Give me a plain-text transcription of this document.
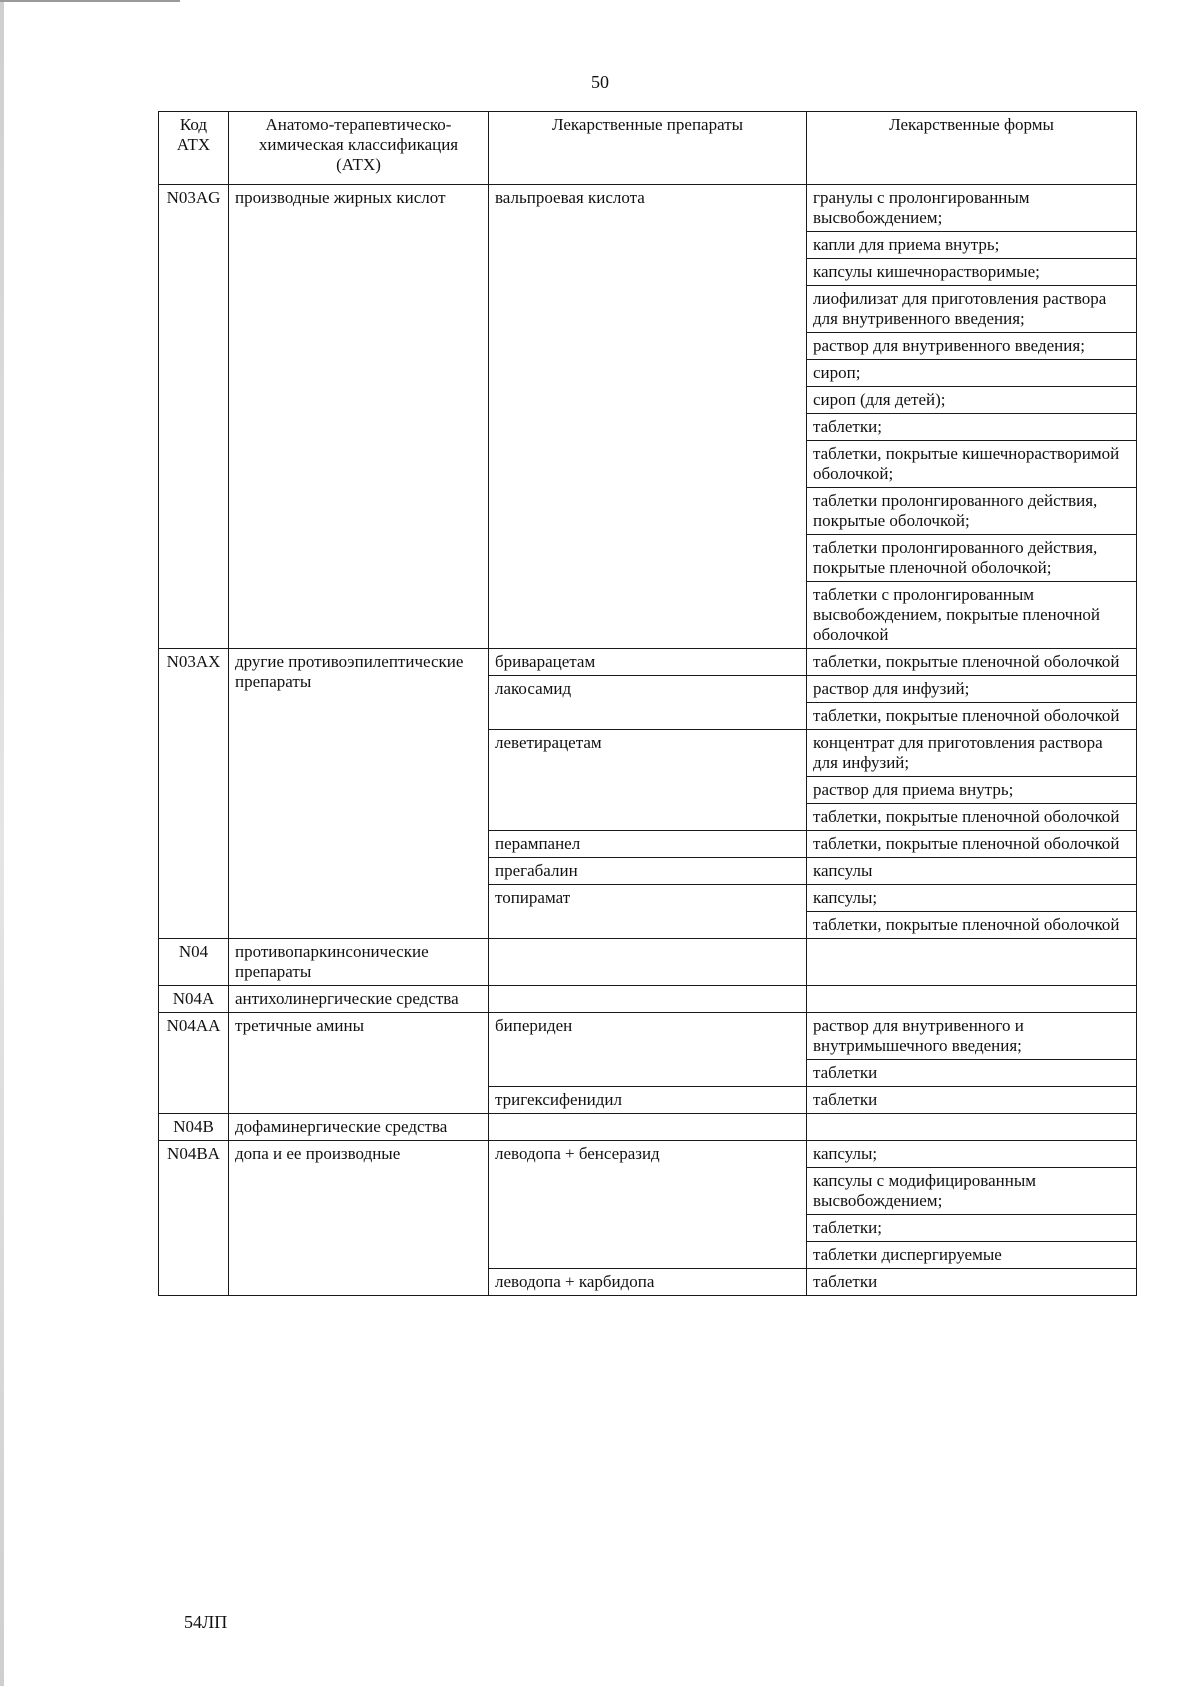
50
Код АТХ	Анатомо-терапевтическо-химическая классификация (АТХ)	Лекарственные препараты	Лекарственные формы
N03AG	производные жирных кислот	вальпроевая кислота	гранулы с пролонгированным высвобождением;
			капли для приема внутрь;
			капсулы кишечнорастворимые;
			лиофилизат для приготовления раствора для внутривенного введения;
			раствор для внутривенного введения;
			сироп;
			сироп (для детей);
			таблетки;
			таблетки, покрытые кишечнорастворимой оболочкой;
			таблетки пролонгированного действия, покрытые оболочкой;
			таблетки пролонгированного действия, покрытые пленочной оболочкой;
			таблетки с пролонгированным высвобождением, покрытые пленочной оболочкой
N03AX	другие противоэпилептические препараты	бриварацетам	таблетки, покрытые пленочной оболочкой
		лакосамид	раствор для инфузий;
			таблетки, покрытые пленочной оболочкой
		леветирацетам	концентрат для приготовления раствора для инфузий;
			раствор для приема внутрь;
			таблетки, покрытые пленочной оболочкой
		перампанел	таблетки, покрытые пленочной оболочкой
		прегабалин	капсулы
		топирамат	капсулы;
			таблетки, покрытые пленочной оболочкой
N04	противопаркинсонические препараты		
N04A	антихолинергические средства		
N04AA	третичные амины	бипериден	раствор для внутривенного и внутримышечного введения;
			таблетки
		тригексифенидил	таблетки
N04B	дофаминергические средства		
N04BA	допа и ее производные	леводопа + бенсеразид	капсулы;
			капсулы с модифицированным высвобождением;
			таблетки;
			таблетки диспергируемые
		леводопа + карбидопа	таблетки
54ЛП
